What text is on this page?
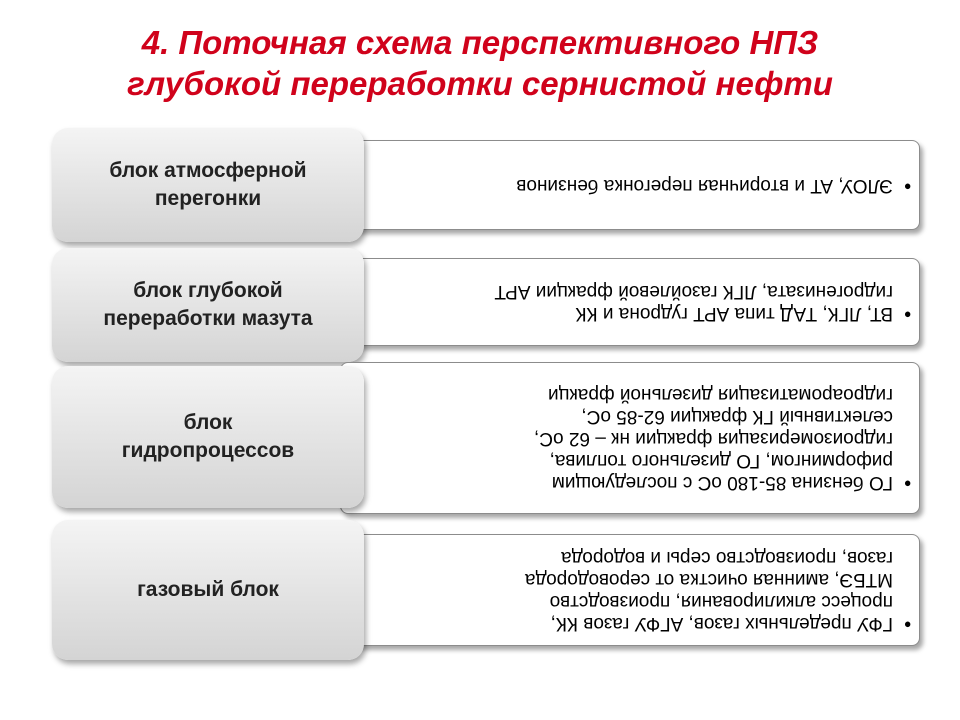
4. Поточная схема перспективного НПЗ
глубокой переработки сернистой нефти
• ЭЛОУ, АТ и вторичная перегонка бензинов
блок атмосферной
перегонки
• ВТ, ЛГК, ТАД типа АРТ гудрона и КК
гидрогенизата, ЛГК газойлевой фракции АРТ
блок глубокой
переработки мазута
• ГО бензина 85-180 оС с последующим
риформингом, ГО дизельного топлива,
гидроизомеризация фракции нк – 62 оС,
селективный ГК фракции 62-85 оС,
гидроароматизация дизельной фракци
блок
гидропроцессов
• ГФУ предельных газов, АГФУ газов КК,
процесс алкилирования, производство
МТБЭ, аминная очистка от сероводорода
газов, производство серы и водорода
газовый блок
